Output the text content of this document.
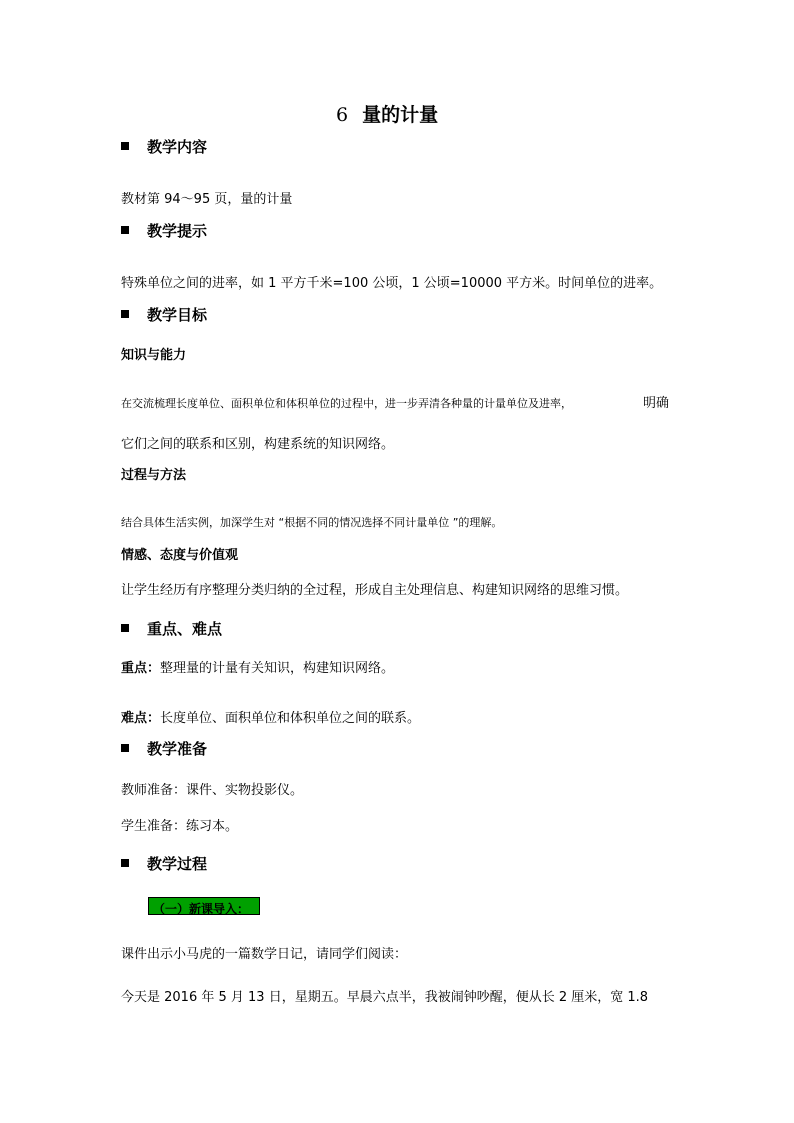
6 量的计量
教学内容
教材第 94～95 页，量的计量
教学提示
特殊单位之间的进率，如 1 平方千米=100 公顷，1 公顷=10000 平方米。时间单位的进率。
教学目标
知识与能力
在交流梳理长度单位、面积单位和体积单位的过程中，进一步弄清各种量的计量单位及进率，	明确
它们之间的联系和区别，构建系统的知识网络。
过程与方法
结合具体生活实例，加深学生对 “根据不同的情况选择不同计量单位 ”的理解。
情感、态度与价值观
让学生经历有序整理分类归纳的全过程，形成自主处理信息、构建知识网络的思维习惯。
重点、难点
重点：整理量的计量有关知识，构建知识网络。
难点：长度单位、面积单位和体积单位之间的联系。
教学准备
教师准备：课件、实物投影仪。
学生准备：练习本。
教学过程
（一）新课导入：
课件出示小马虎的一篇数学日记，请同学们阅读：
今天是 2016 年 5 月 13 日，星期五。早晨六点半，我被闹钟吵醒，便从长 2 厘米，宽 1.8
